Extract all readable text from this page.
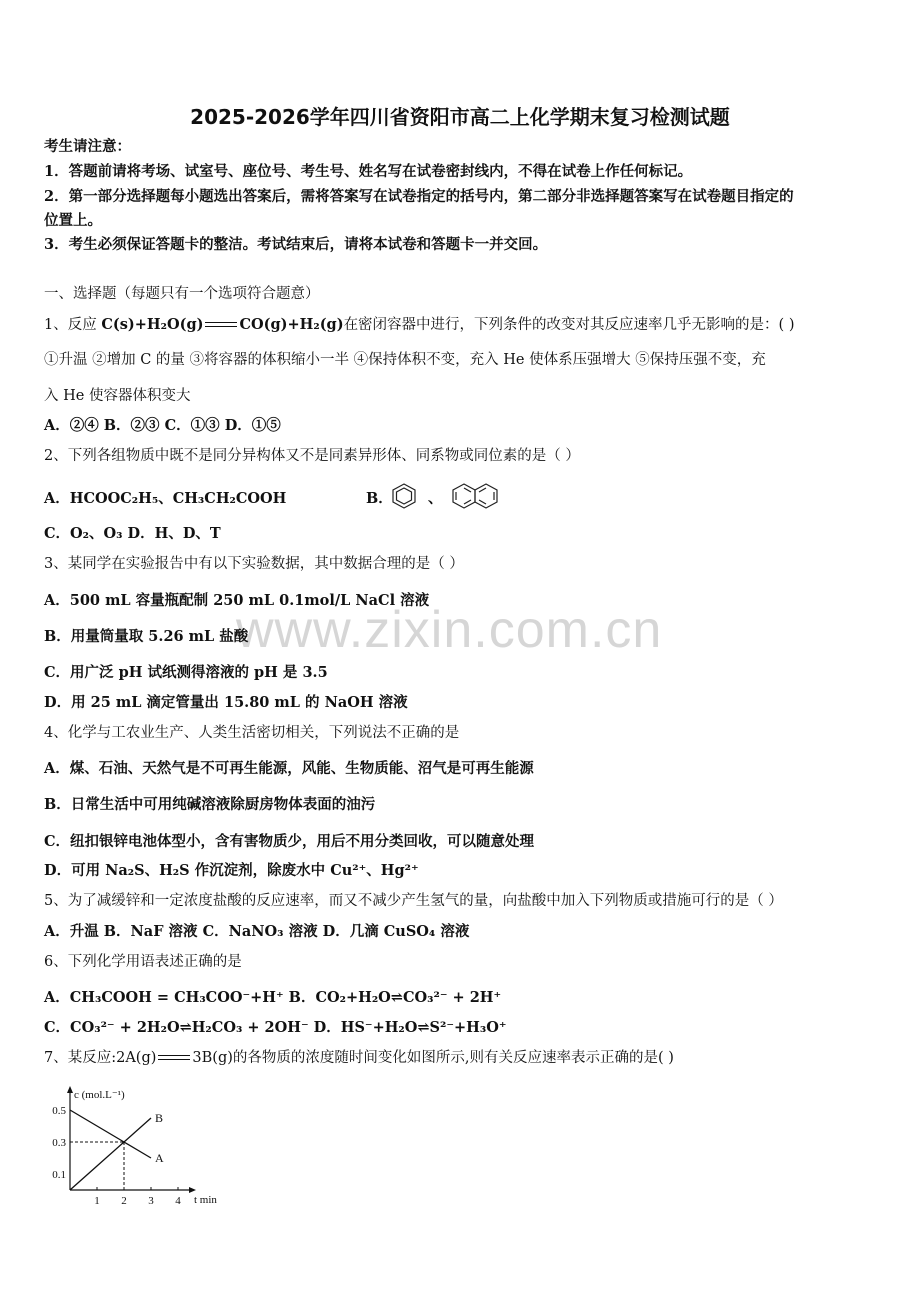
2025-2026学年四川省资阳市高二上化学期末复习检测试题
www.zixin.com.cn
考生请注意：
1．答题前请将考场、试室号、座位号、考生号、姓名写在试卷密封线内，不得在试卷上作任何标记。
2．第一部分选择题每小题选出答案后，需将答案写在试卷指定的括号内，第二部分非选择题答案写在试卷题目指定的
位置上。
3．考生必须保证答题卡的整洁。考试结束后，请将本试卷和答题卡一并交回。
一、选择题（每题只有一个选项符合题意）
1、反应 C(s)+H₂O(g) CO(g)+H₂(g)在密闭容器中进行，下列条件的改变对其反应速率几乎无影响的是：( )
①升温 ②增加 C 的量 ③将容器的体积缩小一半 ④保持体积不变，充入 He 使体系压强增大 ⑤保持压强不变，充
入 He 使容器体积变大
A．②④ B．②③ C．①③ D．①⑤
2、下列各组物质中既不是同分异构体又不是同素异形体、同系物或同位素的是（ ）
A．HCOOC₂H₅、CH₃CH₂COOH	B． 、
C．O₂、O₃ D．H、D、T
3、某同学在实验报告中有以下实验数据，其中数据合理的是（ ）
A．500 mL 容量瓶配制 250 mL 0.1mol/L NaCl 溶液
B．用量筒量取 5.26 mL 盐酸
C．用广泛 pH 试纸测得溶液的 pH 是 3.5
D．用 25 mL 滴定管量出 15.80 mL 的 NaOH 溶液
4、化学与工农业生产、人类生活密切相关，下列说法不正确的是
A．煤、石油、天然气是不可再生能源，风能、生物质能、沼气是可再生能源
B．日常生活中可用纯碱溶液除厨房物体表面的油污
C．纽扣银锌电池体型小，含有害物质少，用后不用分类回收，可以随意处理
D．可用 Na₂S、H₂S 作沉淀剂，除废水中 Cu²⁺、Hg²⁺
5、为了减缓锌和一定浓度盐酸的反应速率，而又不减少产生氢气的量，向盐酸中加入下列物质或措施可行的是（ ）
A．升温 B．NaF 溶液 C．NaNO₃ 溶液 D．几滴 CuSO₄ 溶液
6、下列化学用语表述正确的是
A．CH₃COOH = CH₃COO⁻+H⁺ B．CO₂+H₂O⇌CO₃²⁻ + 2H⁺
C．CO₃²⁻ + 2H₂O⇌H₂CO₃ + 2OH⁻ D．HS⁻+H₂O⇌S²⁻+H₃O⁺
7、某反应:2A(g) 3B(g)的各物质的浓度随时间变化如图所示,则有关反应速率表示正确的是( )
c (mol.L⁻¹)
t min
1 2 3 4
0.1
0.3
0.5
A
B
